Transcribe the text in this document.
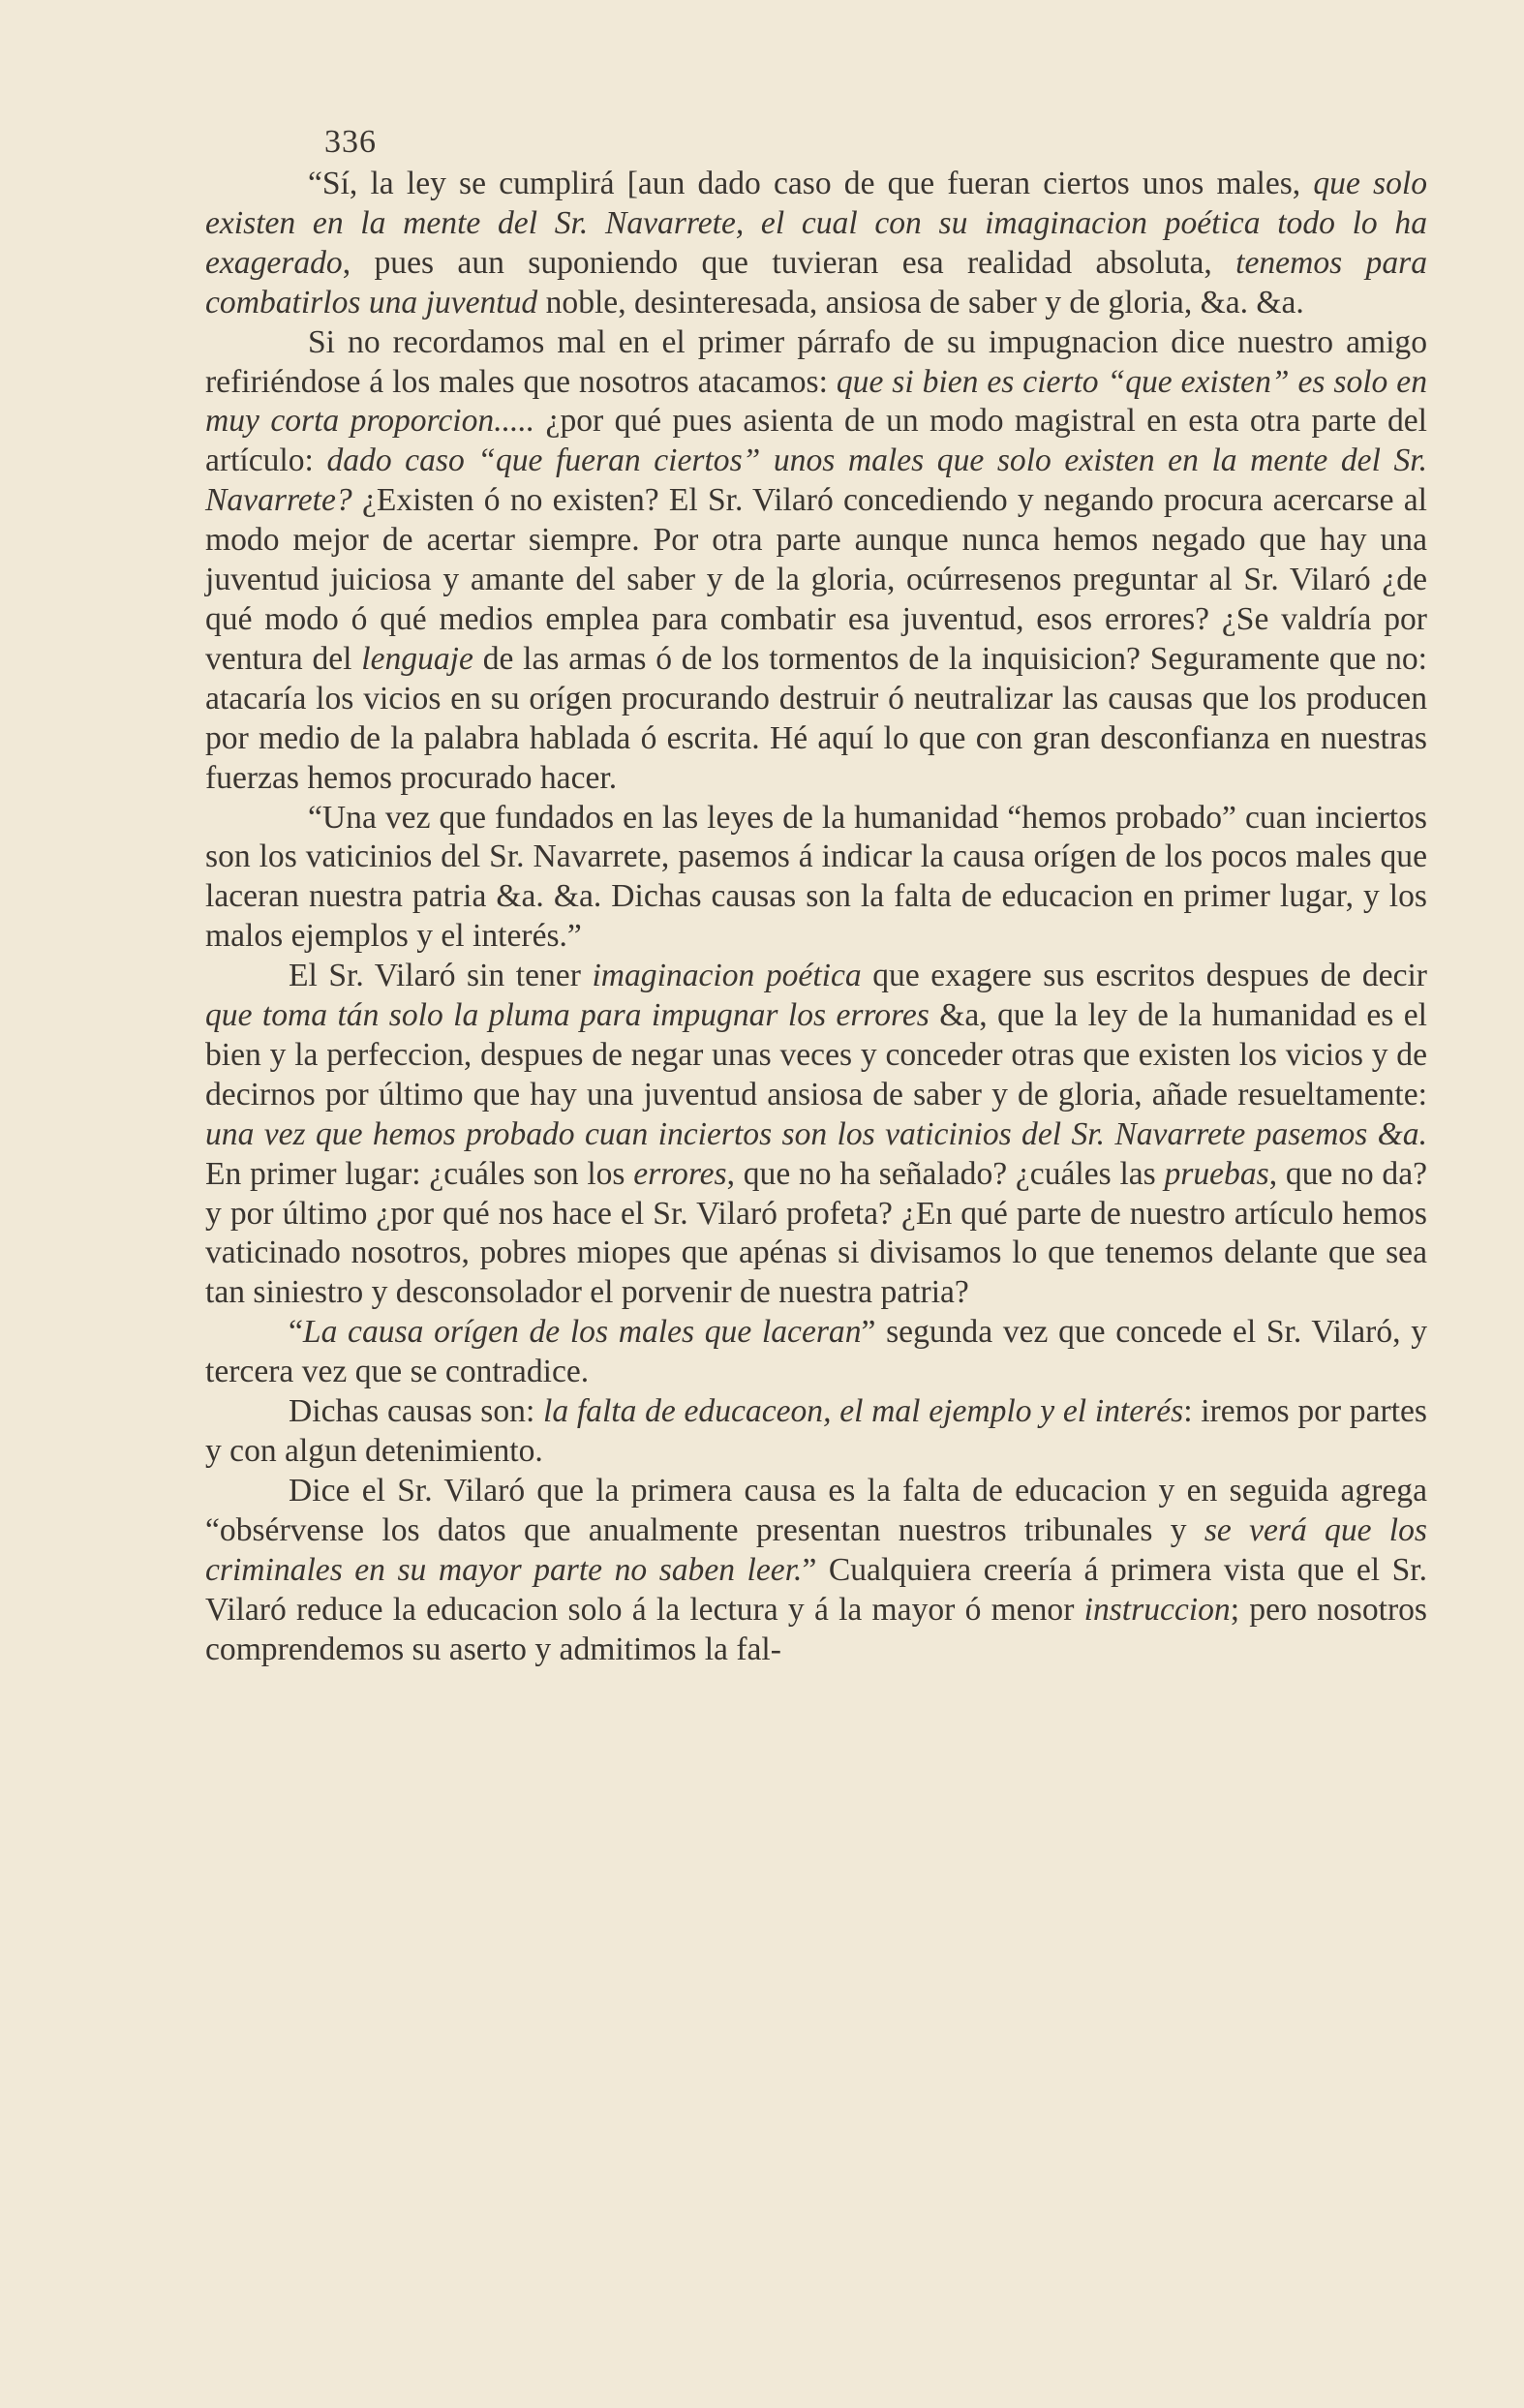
336

“Sí, la ley se cumplirá [aun dado caso de que fueran ciertos unos males, que solo existen en la mente del Sr. Navarrete, el cual con su imaginacion poética todo lo ha exagerado, pues aun suponiendo que tuvieran esa realidad absoluta, tenemos para combatirlos una juventud noble, desinteresada, ansiosa de saber y de gloria, &a. &a.

Si no recordamos mal en el primer párrafo de su impugnacion dice nuestro amigo refiriéndose á los males que nosotros atacamos: que si bien es cierto “que existen” es solo en muy corta proporcion..... ¿por qué pues asienta de un modo magistral en esta otra parte del artículo: dado caso “que fueran ciertos” unos males que solo existen en la mente del Sr. Navarrete? ¿Existen ó no existen? El Sr. Vilaró concediendo y negando procura acercarse al modo mejor de acertar siempre. Por otra parte aunque nunca hemos negado que hay una juventud juiciosa y amante del saber y de la gloria, ocúrresenos preguntar al Sr. Vilaró ¿de qué modo ó qué medios emplea para combatir esa juventud, esos errores? ¿Se valdría por ventura del lenguaje de las armas ó de los tormentos de la inquisicion? Seguramente que no: atacaría los vicios en su orígen procurando destruir ó neutralizar las causas que los producen por medio de la palabra hablada ó escrita. Hé aquí lo que con gran desconfianza en nuestras fuerzas hemos procurado hacer.

“Una vez que fundados en las leyes de la humanidad “hemos probado” cuan inciertos son los vaticinios del Sr. Navarrete, pasemos á indicar la causa orígen de los pocos males que laceran nuestra patria &a. &a. Dichas causas son la falta de educacion en primer lugar, y los malos ejemplos y el interés.”

El Sr. Vilaró sin tener imaginacion poética que exagere sus escritos despues de decir que toma tán solo la pluma para impugnar los errores &a, que la ley de la humanidad es el bien y la perfeccion, despues de negar unas veces y conceder otras que existen los vicios y de decirnos por último que hay una juventud ansiosa de saber y de gloria, añade resueltamente: una vez que hemos probado cuan inciertos son los vaticinios del Sr. Navarrete pasemos &a. En primer lugar: ¿cuáles son los errores, que no ha señalado? ¿cuáles las pruebas, que no da? y por último ¿por qué nos hace el Sr. Vilaró profeta? ¿En qué parte de nuestro artículo hemos vaticinado nosotros, pobres miopes que apénas si divisamos lo que tenemos delante que sea tan siniestro y desconsolador el porvenir de nuestra patria?

“La causa orígen de los males que laceran” segunda vez que concede el Sr. Vilaró, y tercera vez que se contradice.

Dichas causas son: la falta de educaceon, el mal ejemplo y el interés: iremos por partes y con algun detenimiento.

Dice el Sr. Vilaró que la primera causa es la falta de educacion y en seguida agrega “obsérvense los datos que anualmente presentan nuestros tribunales y se verá que los criminales en su mayor parte no saben leer.” Cualquiera creería á primera vista que el Sr. Vilaró reduce la educacion solo á la lectura y á la mayor ó menor instruccion; pero nosotros comprendemos su aserto y admitimos la fal-
